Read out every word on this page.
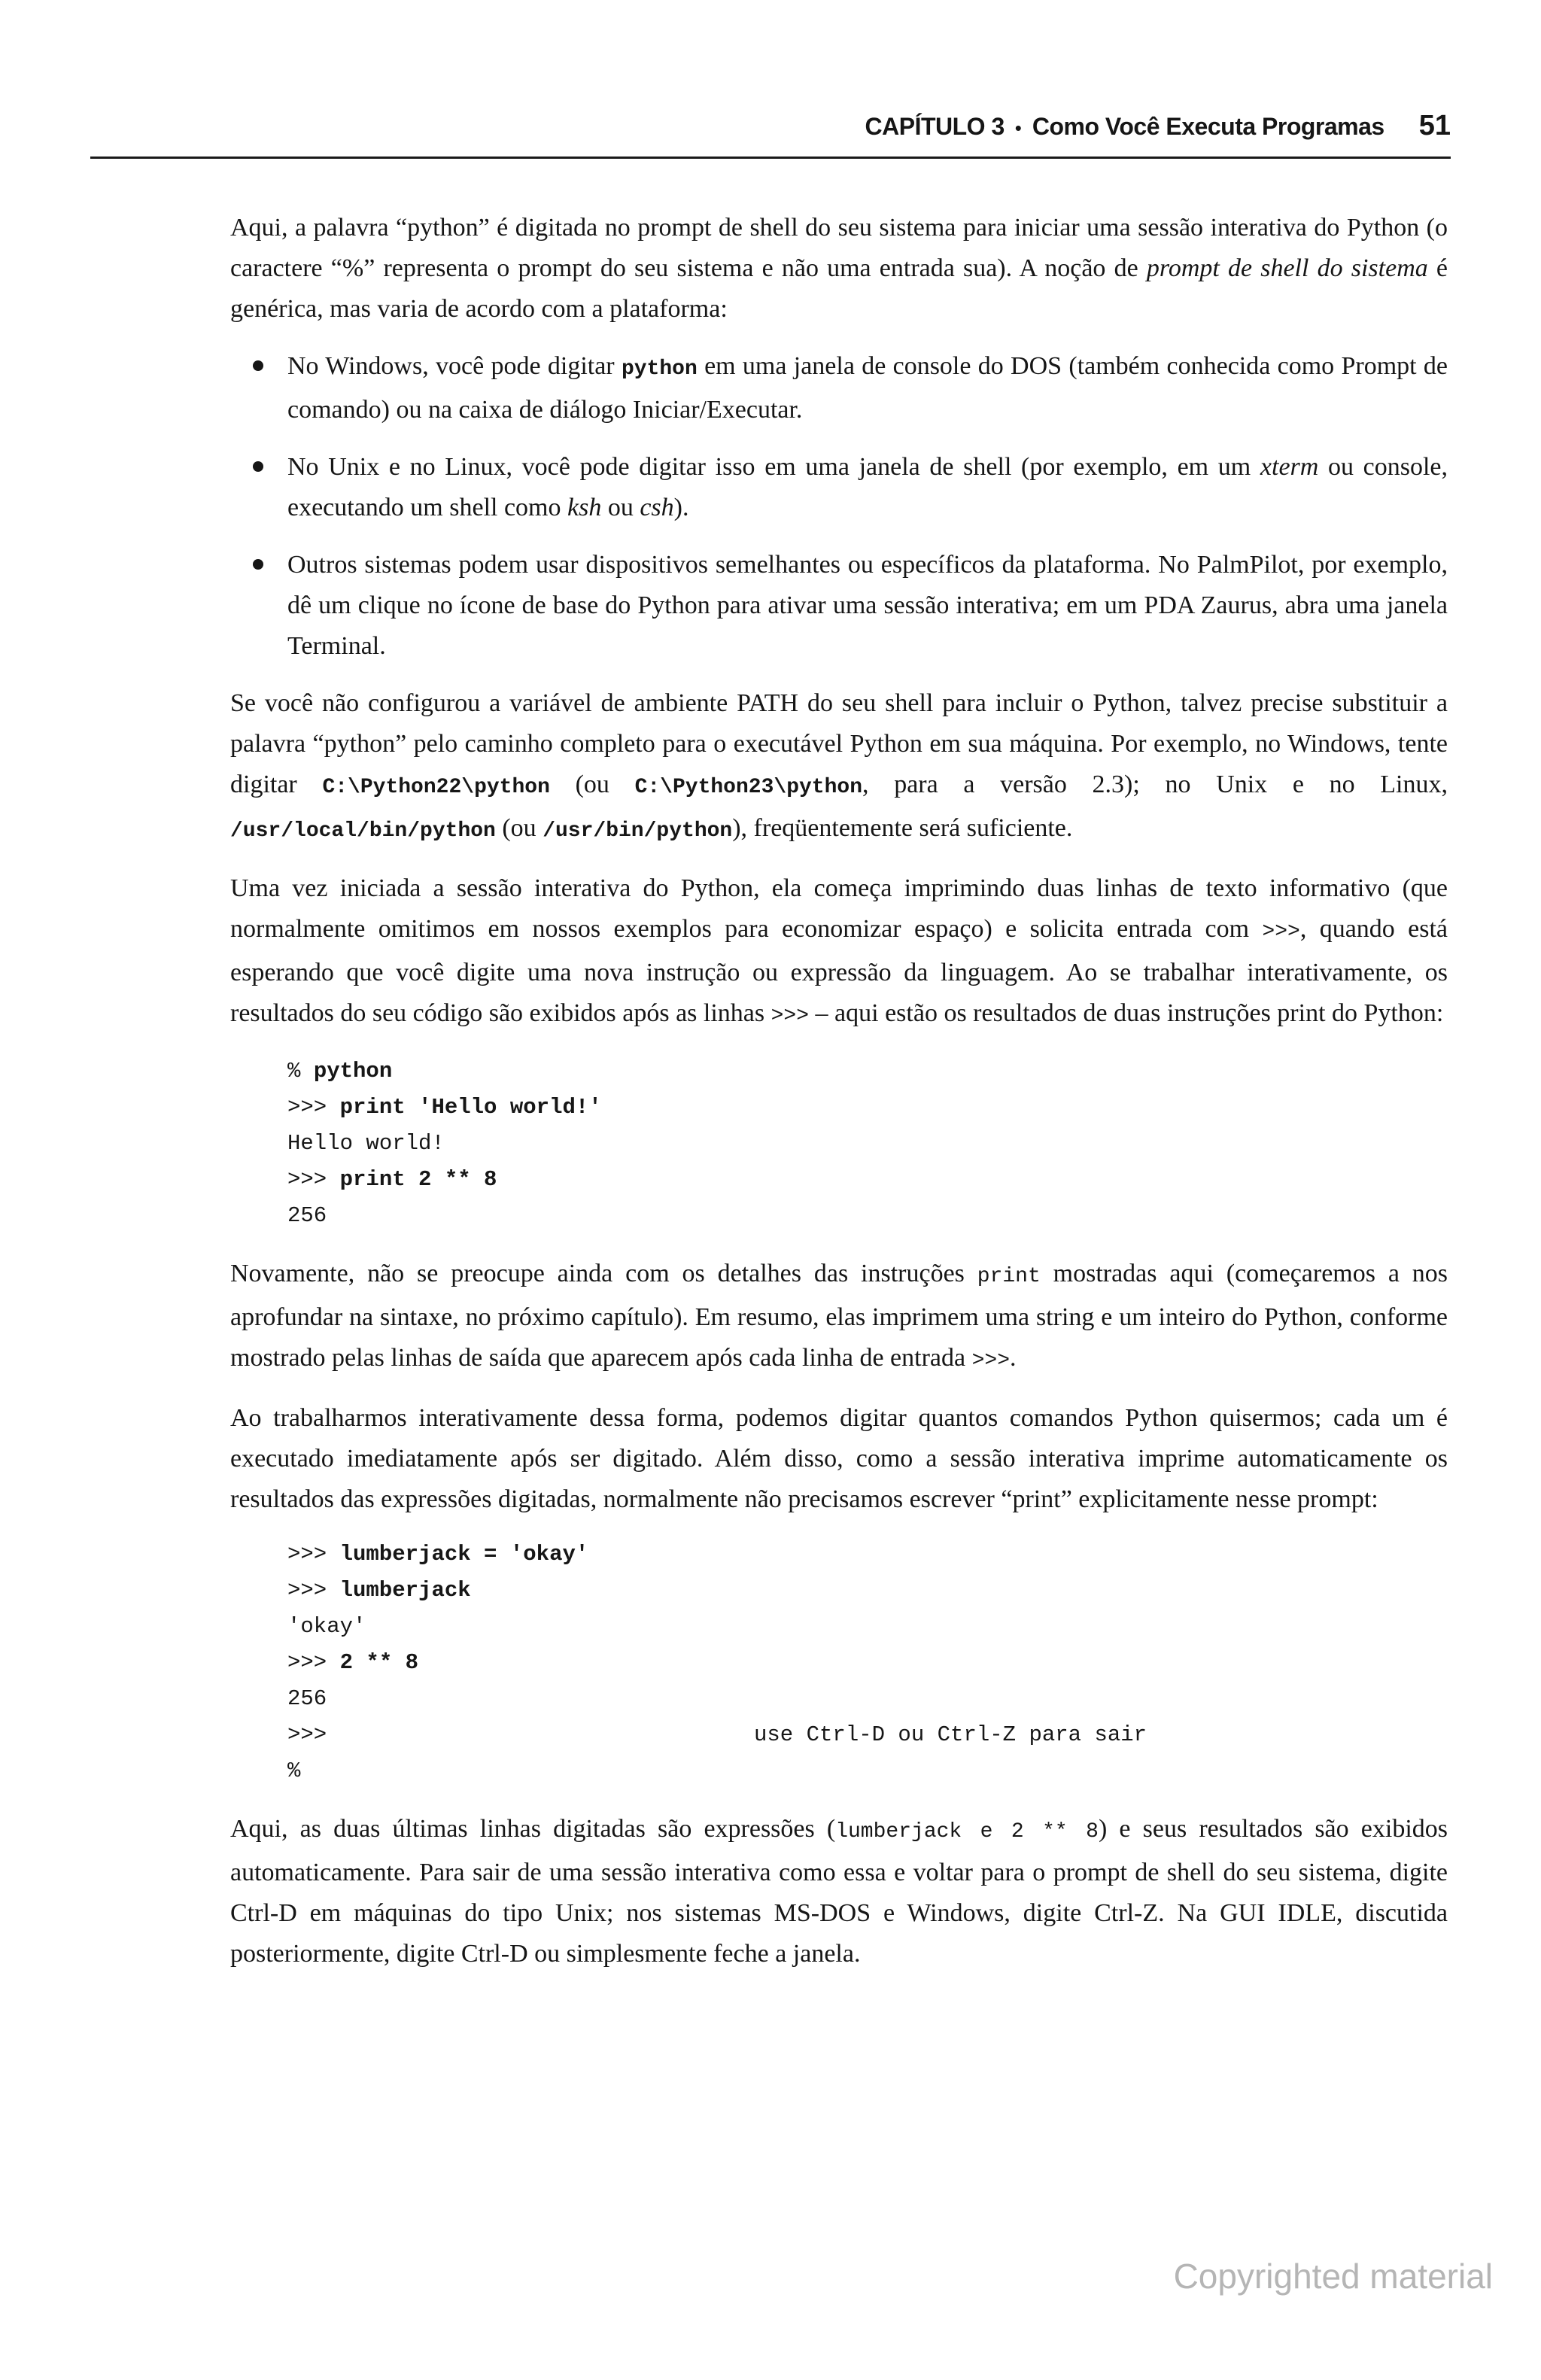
CAPÍTULO 3 • Como Você Executa Programas 51

Aqui, a palavra “python” é digitada no prompt de shell do seu sistema para iniciar uma sessão interativa do Python (o caractere “%” representa o prompt do seu sistema e não uma entrada sua). A noção de prompt de shell do sistema é genérica, mas varia de acordo com a plataforma:

No Windows, você pode digitar python em uma janela de console do DOS (também conhecida como Prompt de comando) ou na caixa de diálogo Iniciar/Executar.
No Unix e no Linux, você pode digitar isso em uma janela de shell (por exemplo, em um xterm ou console, executando um shell como ksh ou csh).
Outros sistemas podem usar dispositivos semelhantes ou específicos da plataforma. No PalmPilot, por exemplo, dê um clique no ícone de base do Python para ativar uma sessão interativa; em um PDA Zaurus, abra uma janela Terminal.

Se você não configurou a variável de ambiente PATH do seu shell para incluir o Python, talvez precise substituir a palavra “python” pelo caminho completo para o executável Python em sua máquina. Por exemplo, no Windows, tente digitar C:\Python22\python (ou C:\Python23\python, para a versão 2.3); no Unix e no Linux, /usr/local/bin/python (ou /usr/bin/python), freqüentemente será suficiente.

Uma vez iniciada a sessão interativa do Python, ela começa imprimindo duas linhas de texto informativo (que normalmente omitimos em nossos exemplos para economizar espaço) e solicita entrada com >>>, quando está esperando que você digite uma nova instrução ou expressão da linguagem. Ao se trabalhar interativamente, os resultados do seu código são exibidos após as linhas >>> – aqui estão os resultados de duas instruções print do Python:

% python
>>> print 'Hello world!'
Hello world!
>>> print 2 ** 8
256

Novamente, não se preocupe ainda com os detalhes das instruções print mostradas aqui (começaremos a nos aprofundar na sintaxe, no próximo capítulo). Em resumo, elas imprimem uma string e um inteiro do Python, conforme mostrado pelas linhas de saída que aparecem após cada linha de entrada >>>.

Ao trabalharmos interativamente dessa forma, podemos digitar quantos comandos Python quisermos; cada um é executado imediatamente após ser digitado. Além disso, como a sessão interativa imprime automaticamente os resultados das expressões digitadas, normalmente não precisamos escrever “print” explicitamente nesse prompt:

>>> lumberjack = 'okay'
>>> lumberjack
'okay'
>>> 2 ** 8
256
>>>	use Ctrl-D ou Ctrl-Z para sair
%

Aqui, as duas últimas linhas digitadas são expressões (lumberjack e 2 ** 8) e seus resultados são exibidos automaticamente. Para sair de uma sessão interativa como essa e voltar para o prompt de shell do seu sistema, digite Ctrl-D em máquinas do tipo Unix; nos sistemas MS-DOS e Windows, digite Ctrl-Z. Na GUI IDLE, discutida posteriormente, digite Ctrl-D ou simplesmente feche a janela.

Copyrighted material
